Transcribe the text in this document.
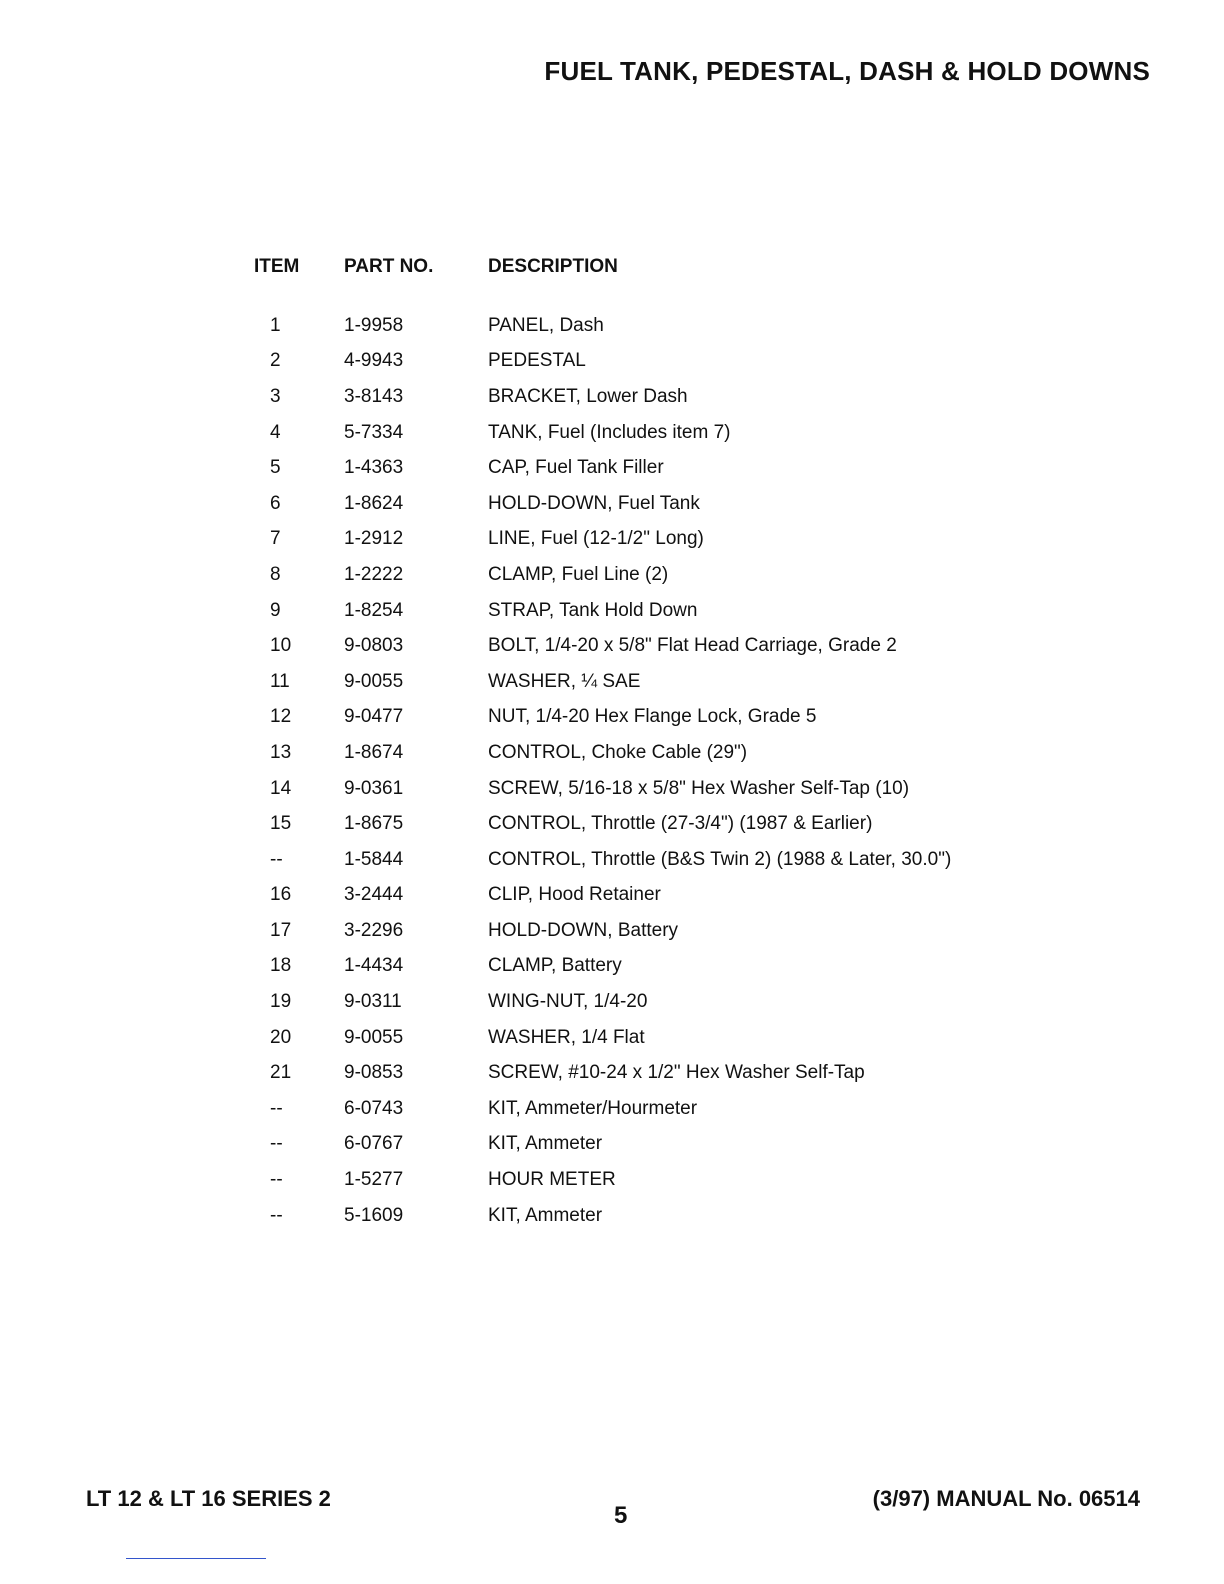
FUEL TANK, PEDESTAL, DASH & HOLD DOWNS
ITEM	PART NO.	DESCRIPTION
1	1-9958	PANEL, Dash
2	4-9943	PEDESTAL
3	3-8143	BRACKET, Lower Dash
4	5-7334	TANK, Fuel (Includes item 7)
5	1-4363	CAP, Fuel Tank Filler
6	1-8624	HOLD-DOWN, Fuel Tank
7	1-2912	LINE, Fuel (12-1/2" Long)
8	1-2222	CLAMP, Fuel Line (2)
9	1-8254	STRAP, Tank Hold Down
10	9-0803	BOLT, 1/4-20 x 5/8" Flat Head Carriage, Grade 2
11	9-0055	WASHER, ¼ SAE
12	9-0477	NUT, 1/4-20 Hex Flange Lock, Grade 5
13	1-8674	CONTROL, Choke Cable (29")
14	9-0361	SCREW, 5/16-18 x 5/8" Hex Washer Self-Tap (10)
15	1-8675	CONTROL, Throttle (27-3/4") (1987 & Earlier)
--	1-5844	CONTROL, Throttle (B&S Twin 2) (1988 & Later, 30.0")
16	3-2444	CLIP, Hood Retainer
17	3-2296	HOLD-DOWN, Battery
18	1-4434	CLAMP, Battery
19	9-0311	WING-NUT, 1/4-20
20	9-0055	WASHER, 1/4 Flat
21	9-0853	SCREW, #10-24 x 1/2" Hex Washer Self-Tap
--	6-0743	KIT, Ammeter/Hourmeter
--	6-0767	KIT, Ammeter
--	1-5277	HOUR METER
--	5-1609	KIT, Ammeter
LT 12 & LT 16 SERIES 2
5
(3/97) MANUAL No. 06514
